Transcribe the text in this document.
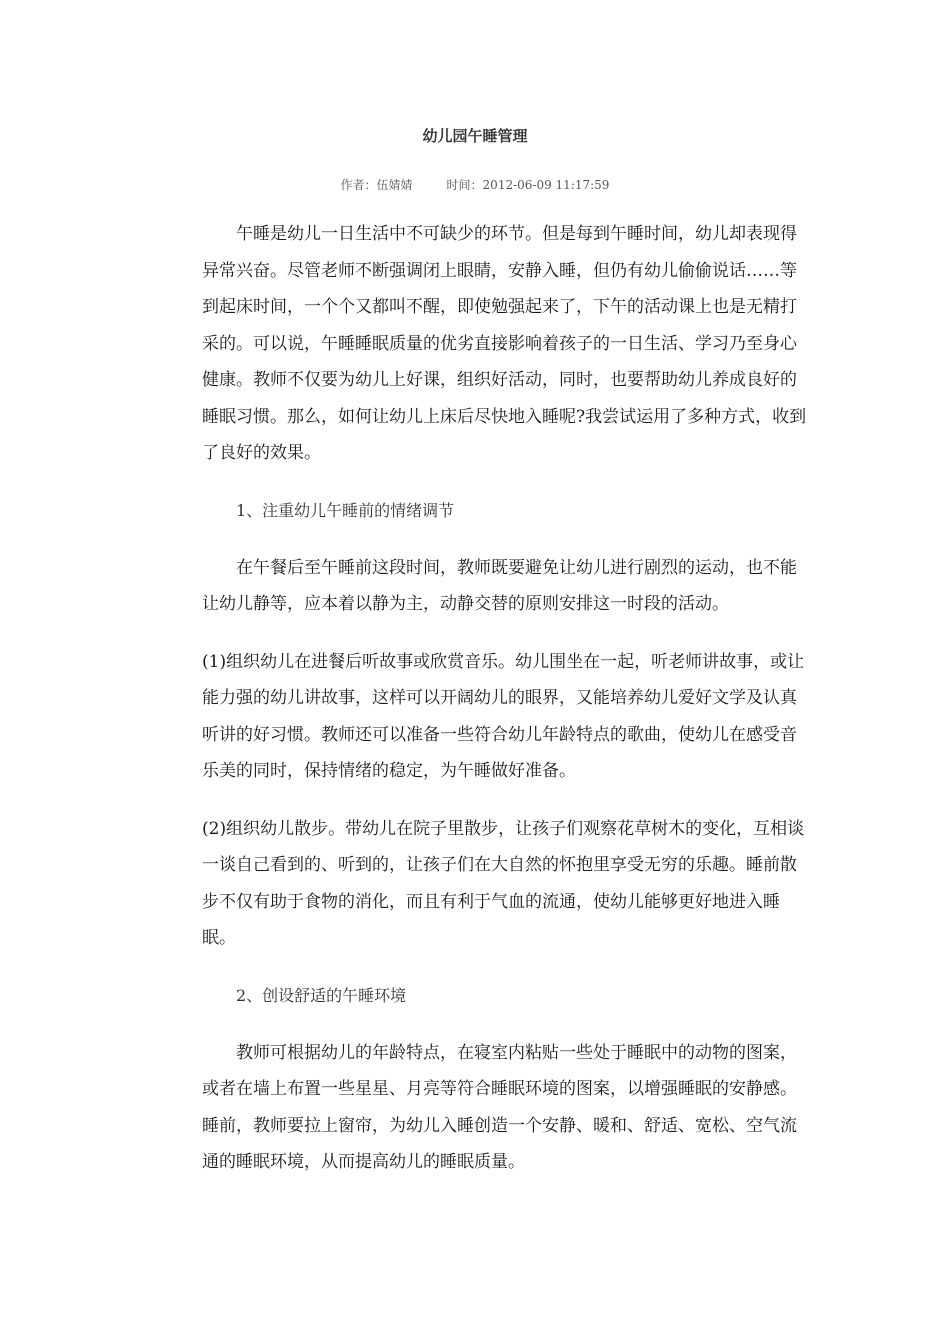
幼儿园午睡管理
作者：伍婧婧	时间：2012-06-09 11:17:59

午睡是幼儿一日生活中不可缺少的环节。但是每到午睡时间，幼儿却表现得异常兴奋。尽管老师不断强调闭上眼睛，安静入睡，但仍有幼儿偷偷说话……等到起床时间，一个个又都叫不醒，即使勉强起来了，下午的活动课上也是无精打采的。可以说，午睡睡眠质量的优劣直接影响着孩子的一日生活、学习乃至身心健康。教师不仅要为幼儿上好课，组织好活动，同时，也要帮助幼儿养成良好的睡眠习惯。那么，如何让幼儿上床后尽快地入睡呢?我尝试运用了多种方式，收到了良好的效果。

1、注重幼儿午睡前的情绪调节

在午餐后至午睡前这段时间，教师既要避免让幼儿进行剧烈的运动，也不能让幼儿静等，应本着以静为主，动静交替的原则安排这一时段的活动。

(1)组织幼儿在进餐后听故事或欣赏音乐。幼儿围坐在一起，听老师讲故事，或让能力强的幼儿讲故事，这样可以开阔幼儿的眼界，又能培养幼儿爱好文学及认真听讲的好习惯。教师还可以准备一些符合幼儿年龄特点的歌曲，使幼儿在感受音乐美的同时，保持情绪的稳定，为午睡做好准备。

(2)组织幼儿散步。带幼儿在院子里散步，让孩子们观察花草树木的变化，互相谈一谈自己看到的、听到的，让孩子们在大自然的怀抱里享受无穷的乐趣。睡前散步不仅有助于食物的消化，而且有利于气血的流通，使幼儿能够更好地进入睡眠。

2、创设舒适的午睡环境

教师可根据幼儿的年龄特点，在寝室内粘贴一些处于睡眠中的动物的图案，或者在墙上布置一些星星、月亮等符合睡眠环境的图案，以增强睡眠的安静感。睡前，教师要拉上窗帘，为幼儿入睡创造一个安静、暖和、舒适、宽松、空气流通的睡眠环境，从而提高幼儿的睡眠质量。
